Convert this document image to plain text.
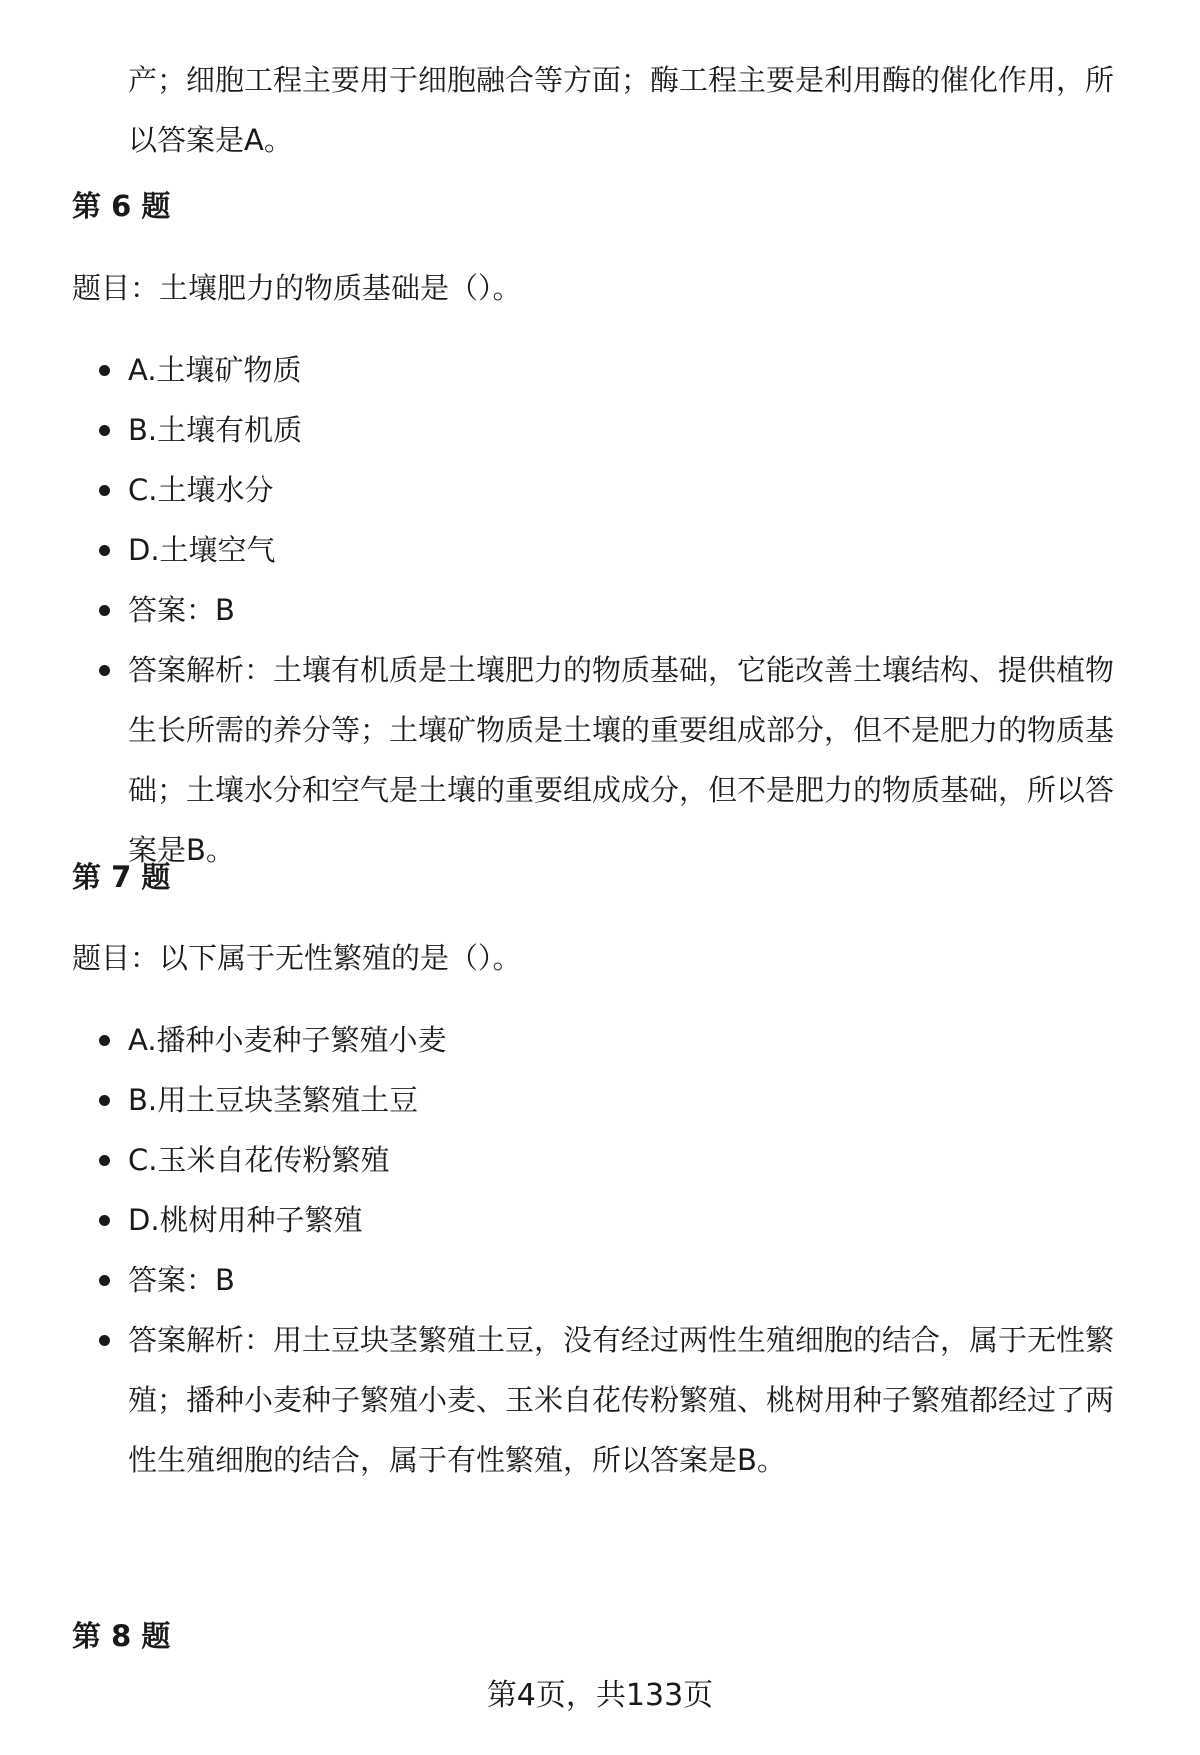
产；细胞工程主要用于细胞融合等方面；酶工程主要是利用酶的催化作用，所以答案是A。
第 6 题
题目：土壤肥力的物质基础是（）。
A.土壤矿物质
B.土壤有机质
C.土壤水分
D.土壤空气
答案：B
答案解析：土壤有机质是土壤肥力的物质基础，它能改善土壤结构、提供植物生长所需的养分等；土壤矿物质是土壤的重要组成部分，但不是肥力的物质基础；土壤水分和空气是土壤的重要组成成分，但不是肥力的物质基础，所以答案是B。
第 7 题
题目：以下属于无性繁殖的是（）。
A.播种小麦种子繁殖小麦
B.用土豆块茎繁殖土豆
C.玉米自花传粉繁殖
D.桃树用种子繁殖
答案：B
答案解析：用土豆块茎繁殖土豆，没有经过两性生殖细胞的结合，属于无性繁殖；播种小麦种子繁殖小麦、玉米自花传粉繁殖、桃树用种子繁殖都经过了两性生殖细胞的结合，属于有性繁殖，所以答案是B。
第 8 题
第4页，共133页
